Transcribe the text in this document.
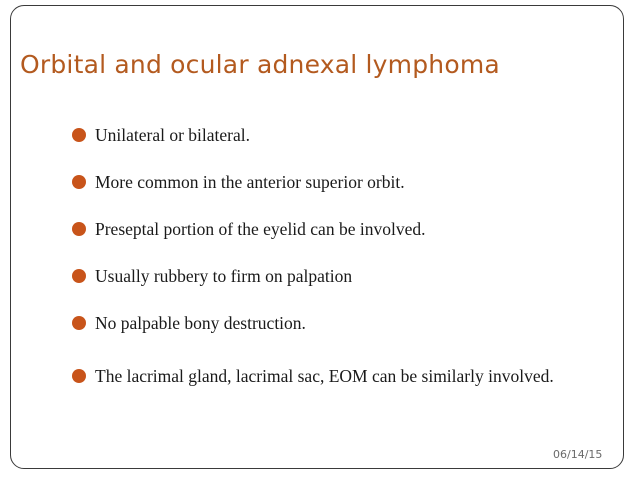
Orbital and ocular adnexal lymphoma
Unilateral or bilateral.
More common in the anterior superior orbit.
Preseptal portion of the eyelid can be involved.
Usually rubbery to firm on palpation
No palpable bony destruction.
The lacrimal gland, lacrimal sac, EOM can be similarly involved.
06/14/15
